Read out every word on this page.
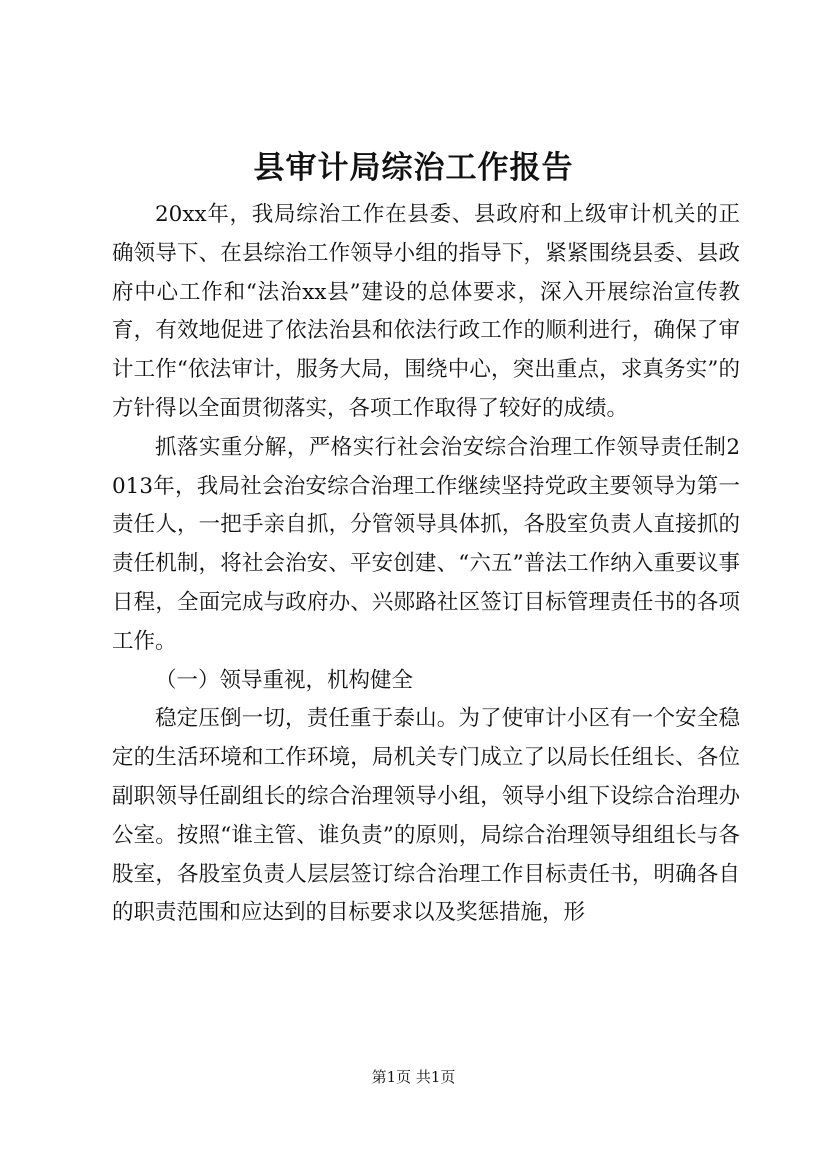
县审计局综治工作报告

20xx年，我局综治工作在县委、县政府和上级审计机关的正确领导下、在县综治工作领导小组的指导下，紧紧围绕县委、县政府中心工作和“法治xx县”建设的总体要求，深入开展综治宣传教育，有效地促进了依法治县和依法行政工作的顺利进行，确保了审计工作“依法审计，服务大局，围绕中心，突出重点，求真务实”的方针得以全面贯彻落实，各项工作取得了较好的成绩。

抓落实重分解，严格实行社会治安综合治理工作领导责任制2013年，我局社会治安综合治理工作继续坚持党政主要领导为第一责任人，一把手亲自抓，分管领导具体抓，各股室负责人直接抓的责任机制，将社会治安、平安创建、“六五”普法工作纳入重要议事日程，全面完成与政府办、兴郧路社区签订目标管理责任书的各项工作。

（一）领导重视，机构健全

稳定压倒一切，责任重于泰山。为了使审计小区有一个安全稳定的生活环境和工作环境，局机关专门成立了以局长任组长、各位副职领导任副组长的综合治理领导小组，领导小组下设综合治理办公室。按照“谁主管、谁负责”的原则，局综合治理领导组组长与各股室，各股室负责人层层签订综合治理工作目标责任书，明确各自的职责范围和应达到的目标要求以及奖惩措施，形

第1页 共1页
